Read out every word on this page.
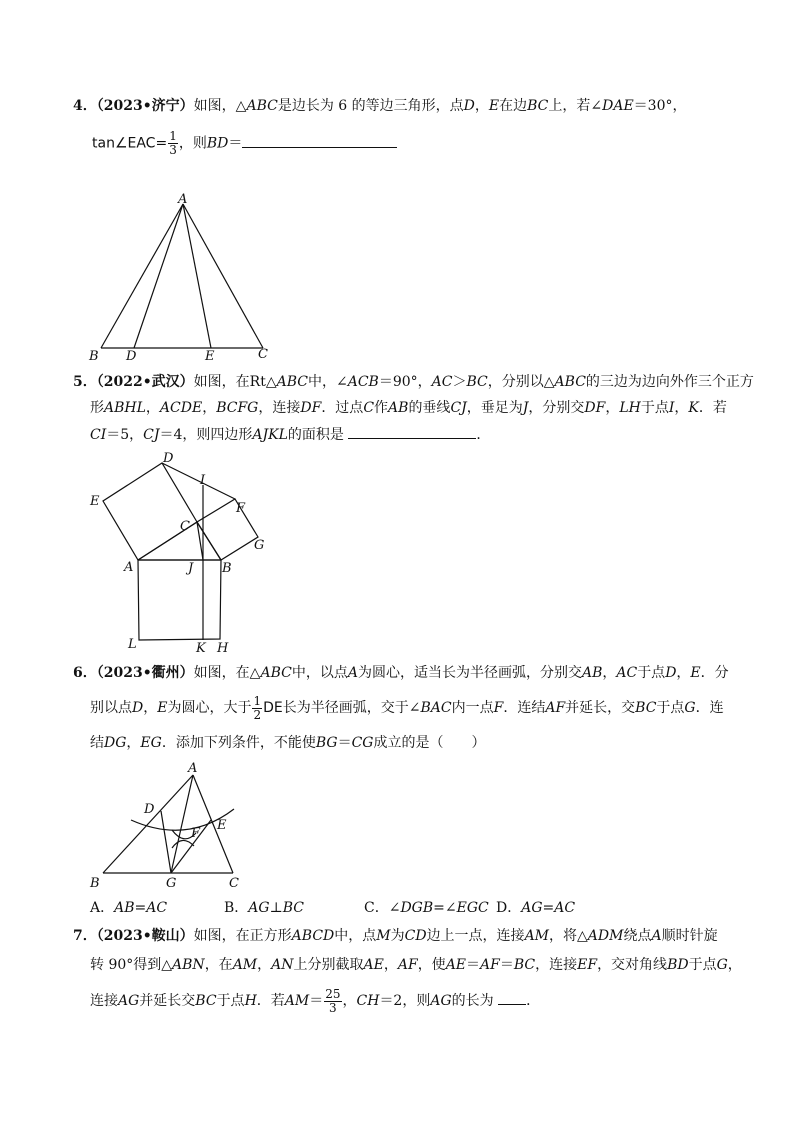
4．（2023•济宁）如图，△ABC是边长为 6 的等边三角形，点D，E在边BC上，若∠DAE＝30°，
tan∠EAC= $\frac{1}{3}$ ，则BD＝
A
B D	E	C
5．（2022•武汉）如图，在Rt△ABC中，∠ACB＝90°，AC＞BC，分别以△ABC的三边为边向外作三个正方
形ABHL，ACDE，BCFG，连接DF．过点C作AB的垂线CJ，垂足为J，分别交DF，LH于点I，K．若
CI＝5，CJ＝4，则四边形AJKL的面积是	．
D
I
E	F
C
G
A	J B
L	K H
6．（2023•衢州）如图，在△ABC中，以点A为圆心，适当长为半径画弧，分别交AB，AC于点D，E．分
别以点D，E为圆心，大于 $\frac{1}{2}$ DE长为半径画弧，交于∠BAC内一点F．连结AF并延长，交BC于点G．连
结DG，EG．添加下列条件，不能使BG＝CG成立的是（　　）
A
D
F
E
B	G	C
A．AB=AC	B．AG⊥BC	C．∠DGB=∠EGC D．AG=AC
7．（2023•鞍山）如图，在正方形ABCD中，点M为CD边上一点，连接AM，将△ADM绕点A顺时针旋
转 90°得到△ABN，在AM，AN上分别截取AE，AF，使AE＝AF＝BC，连接EF，交对角线BD于点G，
连接AG并延长交BC于点H．若$AM= \frac{25}{3}$ ，CH＝2，则AG的长为 ．
